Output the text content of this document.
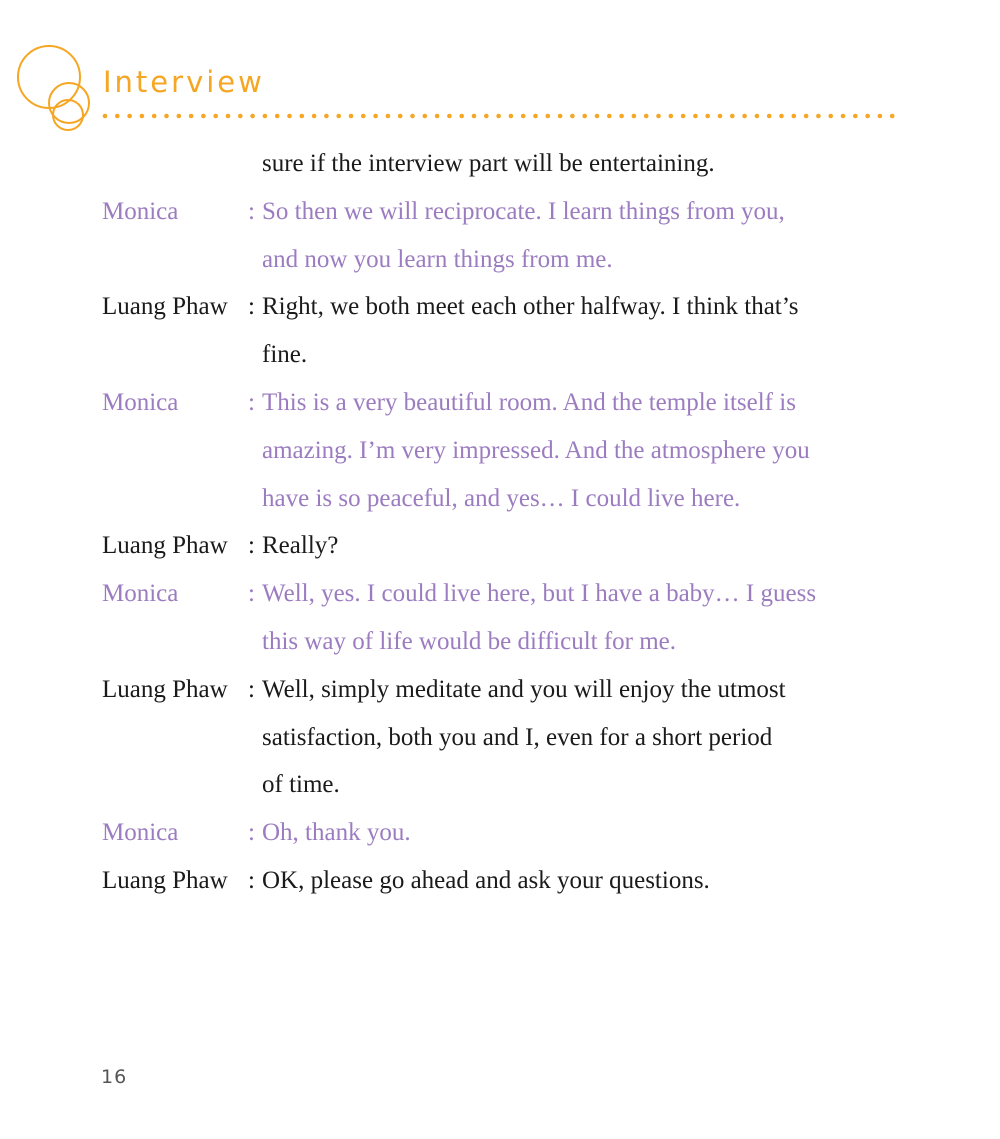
Interview
sure if the interview part will be entertaining.
Monica	: So then we will reciprocate. I learn things from you,
and now you learn things from me.
Luang Phaw : Right, we both meet each other halfway. I think that’s
fine.
Monica	: This is a very beautiful room. And the temple itself is
amazing. I’m very impressed. And the atmosphere you
have is so peaceful, and yes… I could live here.
Luang Phaw : Really?
Monica	: Well, yes. I could live here, but I have a baby… I guess
this way of life would be difficult for me.
Luang Phaw : Well, simply meditate and you will enjoy the utmost
satisfaction, both you and I, even for a short period
of time.
Monica	: Oh, thank you.
Luang Phaw : OK, please go ahead and ask your questions.
16
